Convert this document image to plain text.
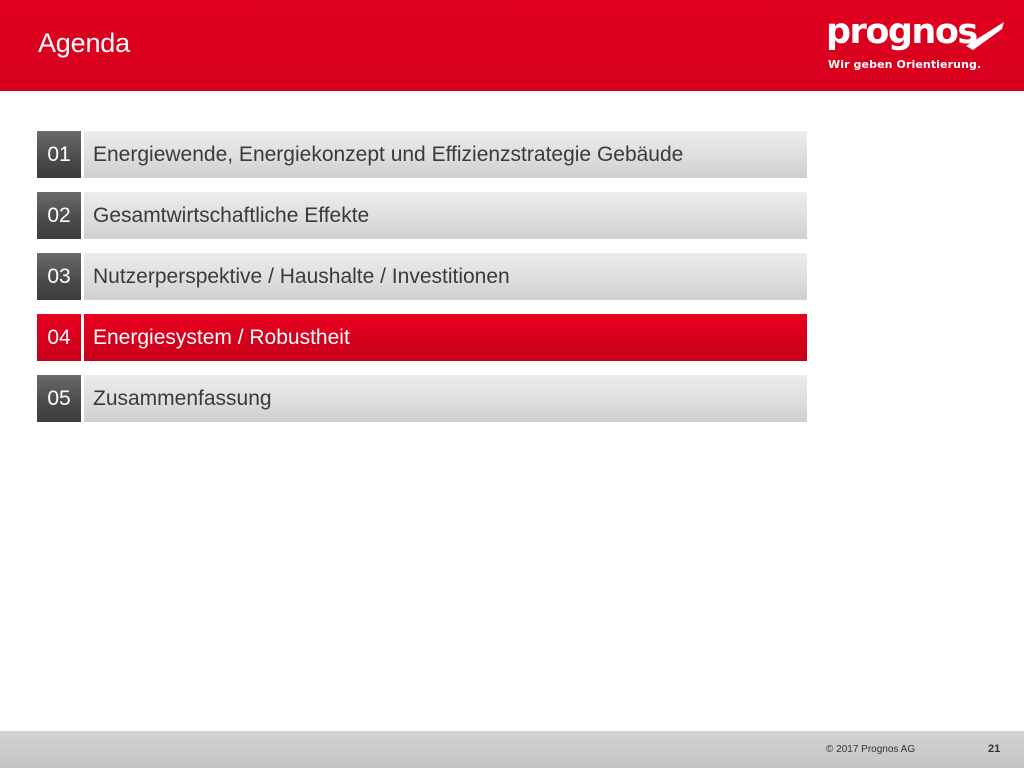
Agenda	prognos
Wir geben Orientierung.
01	Energiewende, Energiekonzept und Effizienzstrategie Gebäude
02	Gesamtwirtschaftliche Effekte
03	Nutzerperspektive / Haushalte / Investitionen
04	Energiesystem / Robustheit
05	Zusammenfassung
© 2017 Prognos AG	21
